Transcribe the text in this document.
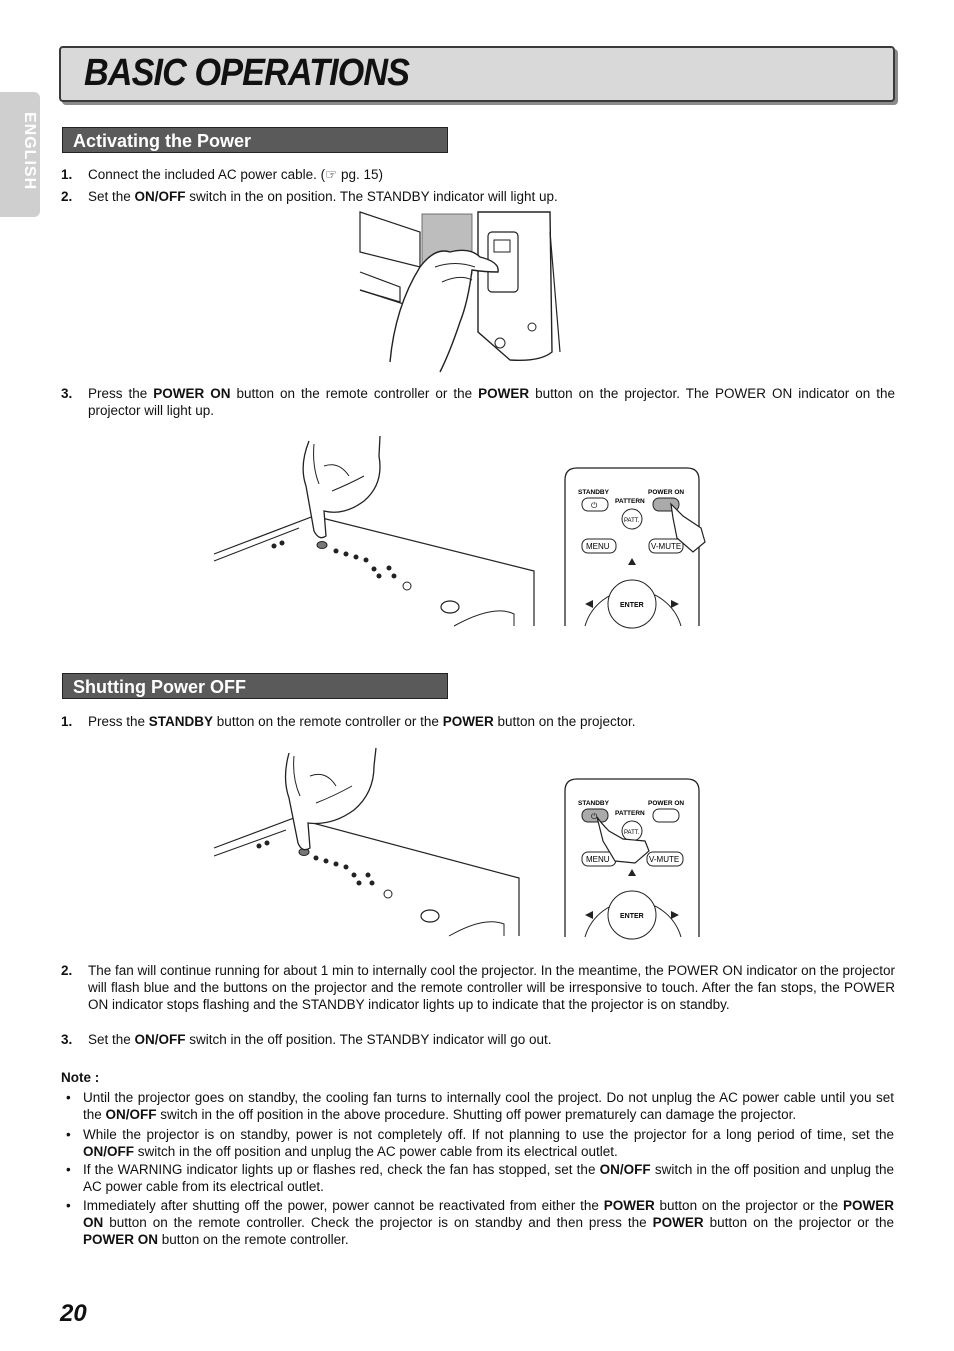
BASIC OPERATIONS
ENGLISH	Activating the Power
1. Connect the included AC power cable. (☞ pg. 15)
2. Set the ON/OFF switch in the on position. The STANDBY indicator will light up.
3. Press the POWER ON button on the remote controller or the POWER button on the projector. The POWER ON indicator on the projector will light up.
STANDBY	POWER ON
PATTERN
⏻
PATT.
MENU	V-MUTE
ENTER
Shutting Power OFF
1. Press the STANDBY button on the remote controller or the POWER button on the projector.
STANDBY	POWER ON
PATTERN
⏻
PATT.
MENU	V-MUTE
ENTER
2. The fan will continue running for about 1 min to internally cool the projector. In the meantime, the POWER ON indicator on the projector will flash blue and the buttons on the projector and the remote controller will be irresponsive to touch. After the fan stops, the POWER ON indicator stops flashing and the STANDBY indicator lights up to indicate that the projector is on standby.
3. Set the ON/OFF switch in the off position. The STANDBY indicator will go out.
Note :
• Until the projector goes on standby, the cooling fan turns to internally cool the project. Do not unplug the AC power cable until you set the ON/OFF switch in the off position in the above procedure. Shutting off power prematurely can damage the projector.
• While the projector is on standby, power is not completely off. If not planning to use the projector for a long period of time, set the ON/OFF switch in the off position and unplug the AC power cable from its electrical outlet.
• If the WARNING indicator lights up or flashes red, check the fan has stopped, set the ON/OFF switch in the off position and unplug the AC power cable from its electrical outlet.
• Immediately after shutting off the power, power cannot be reactivated from either the POWER button on the projector or the POWER ON button on the remote controller. Check the projector is on standby and then press the POWER button on the projector or the POWER ON button on the remote controller.
20
